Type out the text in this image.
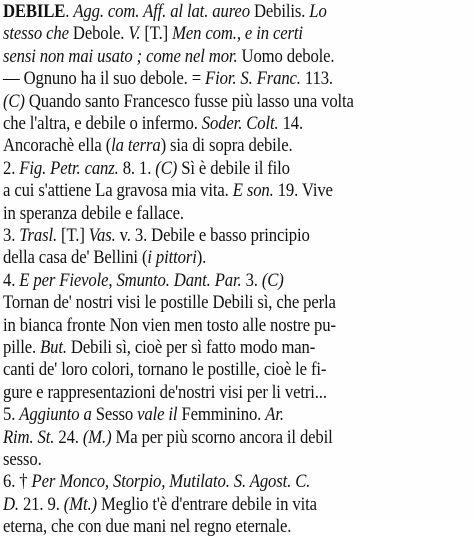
DEBILE. Agg. com. Aff. al lat. aureo Debilis. Lo
stesso che Debole. V. [T.] Men com., e in certi
sensi non mai usato ; come nel mor. Uomo debole.
— Ognuno ha il suo debole. = Fior. S. Franc. 113.
(C) Quando santo Francesco fusse più lasso una volta
che l'altra, e debile o infermo. Soder. Colt. 14.
Ancorachè ella (la terra) sia di sopra debile.
2. Fig. Petr. canz. 8. 1. (C) Sì è debile il filo
a cui s'attiene La gravosa mia vita. E son. 19. Vive
in speranza debile e fallace.
3. Trasl. [T.] Vas. v. 3. Debile e basso principio
della casa de' Bellini (i pittori).
4. E per Fievole, Smunto. Dant. Par. 3. (C)
Tornan de' nostri visi le postille Debili sì, che perla
in bianca fronte Non vien men tosto alle nostre pu-
pille. But. Debili sì, cioè per sì fatto modo man-
canti de' loro colori, tornano le postille, cioè le fi-
gure e rappresentazioni de'nostri visi per li vetri...
5. Aggiunto a Sesso vale il Femminino. Ar.
Rim. St. 24. (M.) Ma per più scorno ancora il debil
sesso.
6. † Per Monco, Storpio, Mutilato. S. Agost. C.
D. 21. 9. (Mt.) Meglio t'è d'entrare debile in vita
eterna, che con due mani nel regno eternale.
